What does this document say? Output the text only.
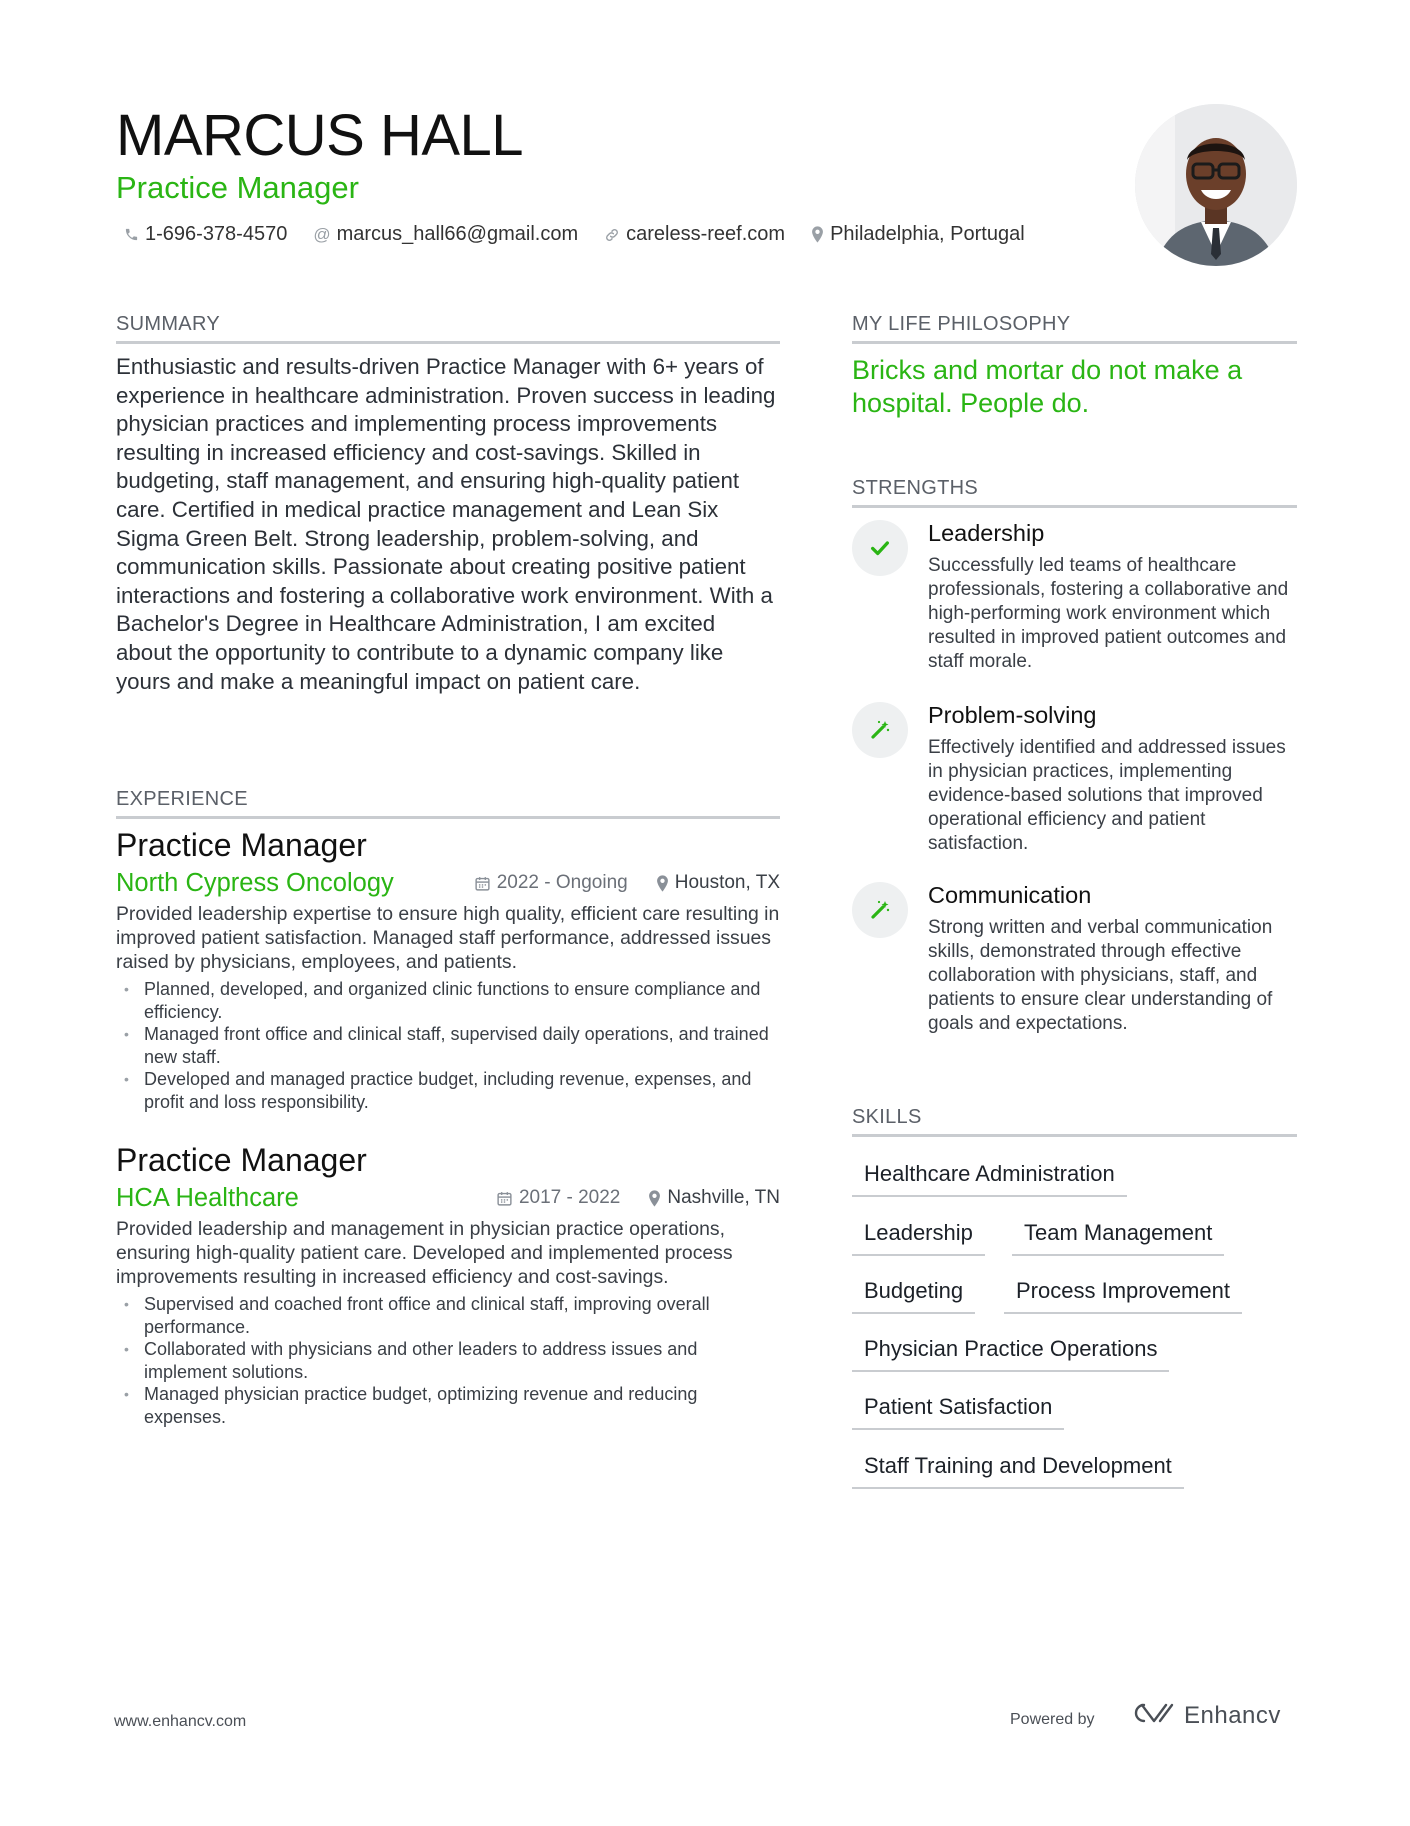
MARCUS HALL
Practice Manager
1-696-378-4570 @ marcus_hall66@gmail.com careless-reef.com Philadelphia, Portugal
SUMMARY
Enthusiastic and results-driven Practice Manager with 6+ years of experience in healthcare administration. Proven success in leading physician practices and implementing process improvements resulting in increased efficiency and cost-savings. Skilled in budgeting, staff management, and ensuring high-quality patient care. Certified in medical practice management and Lean Six Sigma Green Belt. Strong leadership, problem-solving, and communication skills. Passionate about creating positive patient interactions and fostering a collaborative work environment. With a Bachelor's Degree in Healthcare Administration, I am excited about the opportunity to contribute to a dynamic company like yours and make a meaningful impact on patient care.
EXPERIENCE
Practice Manager
North Cypress Oncology	2022 - Ongoing Houston, TX
Provided leadership expertise to ensure high quality, efficient care resulting in improved patient satisfaction. Managed staff performance, addressed issues raised by physicians, employees, and patients.
• Planned, developed, and organized clinic functions to ensure compliance and efficiency.
• Managed front office and clinical staff, supervised daily operations, and trained new staff.
• Developed and managed practice budget, including revenue, expenses, and profit and loss responsibility.
Practice Manager
HCA Healthcare	2017 - 2022 Nashville, TN
Provided leadership and management in physician practice operations, ensuring high-quality patient care. Developed and implemented process improvements resulting in increased efficiency and cost-savings.
• Supervised and coached front office and clinical staff, improving overall performance.
• Collaborated with physicians and other leaders to address issues and implement solutions.
• Managed physician practice budget, optimizing revenue and reducing expenses.
MY LIFE PHILOSOPHY
Bricks and mortar do not make a hospital. People do.
STRENGTHS
Leadership
Successfully led teams of healthcare professionals, fostering a collaborative and high-performing work environment which resulted in improved patient outcomes and staff morale.
Problem-solving
Effectively identified and addressed issues in physician practices, implementing evidence-based solutions that improved operational efficiency and patient satisfaction.
Communication
Strong written and verbal communication skills, demonstrated through effective collaboration with physicians, staff, and patients to ensure clear understanding of goals and expectations.
SKILLS
Healthcare Administration
Leadership	Team Management
Budgeting	Process Improvement
Physician Practice Operations
Patient Satisfaction
Staff Training and Development
www.enhancv.com	Powered by	Enhancv
